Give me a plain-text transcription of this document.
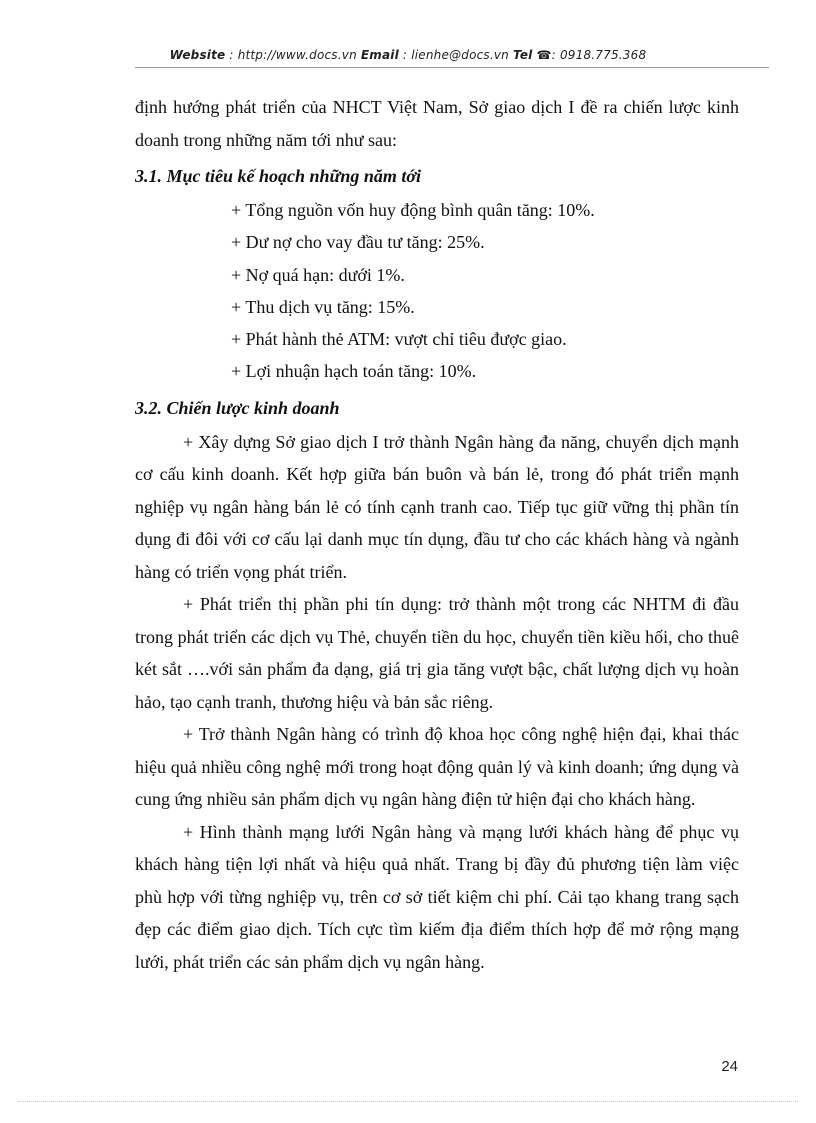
Website : http://www.docs.vn Email : lienhe@docs.vn Tel ☎: 0918.775.368

định hướng phát triển của NHCT Việt Nam, Sở giao dịch I đề ra chiến lược kinh doanh trong những năm tới như sau:

3.1. Mục tiêu kế hoạch những năm tới

+ Tổng nguồn vốn huy động bình quân tăng: 10%.
+ Dư nợ cho vay đầu tư tăng: 25%.
+ Nợ quá hạn: dưới 1%.
+ Thu dịch vụ tăng: 15%.
+ Phát hành thẻ ATM: vượt chỉ tiêu được giao.
+ Lợi nhuận hạch toán tăng: 10%.

3.2. Chiến lược kinh doanh

+ Xây dựng Sở giao dịch I trở thành Ngân hàng đa năng, chuyển dịch mạnh cơ cấu kinh doanh. Kết hợp giữa bán buôn và bán lẻ, trong đó phát triển mạnh nghiệp vụ ngân hàng bán lẻ có tính cạnh tranh cao. Tiếp tục giữ vững thị phần tín dụng đi đôi với cơ cấu lại danh mục tín dụng, đầu tư cho các khách hàng và ngành hàng có triển vọng phát triển.

+ Phát triển thị phần phi tín dụng: trở thành một trong các NHTM đi đầu trong phát triển các dịch vụ Thẻ, chuyển tiền du học, chuyển tiền kiều hối, cho thuê két sắt ….với sản phẩm đa dạng, giá trị gia tăng vượt bậc, chất lượng dịch vụ hoàn hảo, tạo cạnh tranh, thương hiệu và bản sắc riêng.

+ Trở thành Ngân hàng có trình độ khoa học công nghệ hiện đại, khai thác hiệu quả nhiều công nghệ mới trong hoạt động quản lý và kinh doanh; ứng dụng và cung ứng nhiều sản phẩm dịch vụ ngân hàng điện tử hiện đại cho khách hàng.

+ Hình thành mạng lưới Ngân hàng và mạng lưới khách hàng để phục vụ khách hàng tiện lợi nhất và hiệu quả nhất. Trang bị đầy đủ phương tiện làm việc phù hợp với từng nghiệp vụ, trên cơ sở tiết kiệm chi phí. Cải tạo khang trang sạch đẹp các điểm giao dịch. Tích cực tìm kiếm địa điểm thích hợp để mở rộng mạng lưới, phát triển các sản phẩm dịch vụ ngân hàng.

24
